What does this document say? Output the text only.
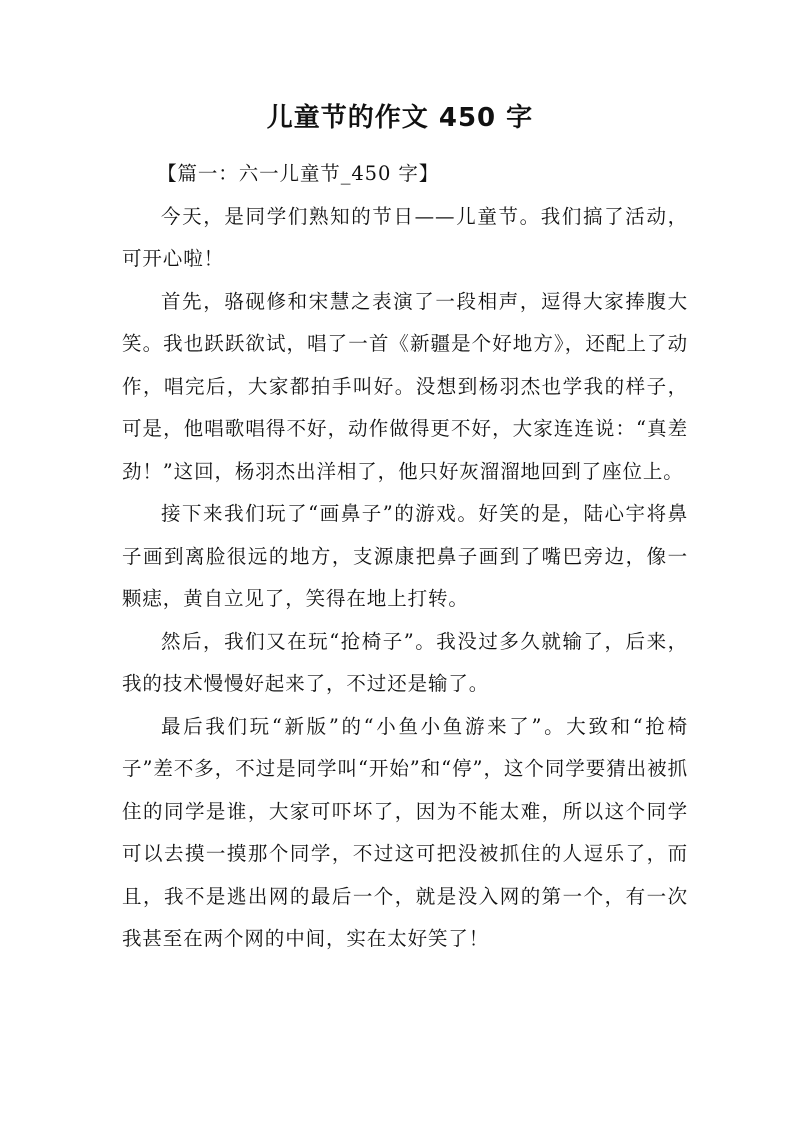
儿童节的作文 450 字

【篇一：六一儿童节_450 字】

今天，是同学们熟知的节日——儿童节。我们搞了活动，可开心啦！

首先，骆砚修和宋慧之表演了一段相声，逗得大家捧腹大笑。我也跃跃欲试，唱了一首《新疆是个好地方》，还配上了动作，唱完后，大家都拍手叫好。没想到杨羽杰也学我的样子，可是，他唱歌唱得不好，动作做得更不好，大家连连说：“真差劲！”这回，杨羽杰出洋相了，他只好灰溜溜地回到了座位上。

接下来我们玩了“画鼻子”的游戏。好笑的是，陆心宇将鼻子画到离脸很远的地方，支源康把鼻子画到了嘴巴旁边，像一颗痣，黄自立见了，笑得在地上打转。

然后，我们又在玩“抢椅子”。我没过多久就输了，后来，我的技术慢慢好起来了，不过还是输了。

最后我们玩“新版”的“小鱼小鱼游来了”。大致和“抢椅子”差不多，不过是同学叫“开始”和“停”，这个同学要猜出被抓住的同学是谁，大家可吓坏了，因为不能太难，所以这个同学可以去摸一摸那个同学，不过这可把没被抓住的人逗乐了，而且，我不是逃出网的最后一个，就是没入网的第一个，有一次我甚至在两个网的中间，实在太好笑了！
